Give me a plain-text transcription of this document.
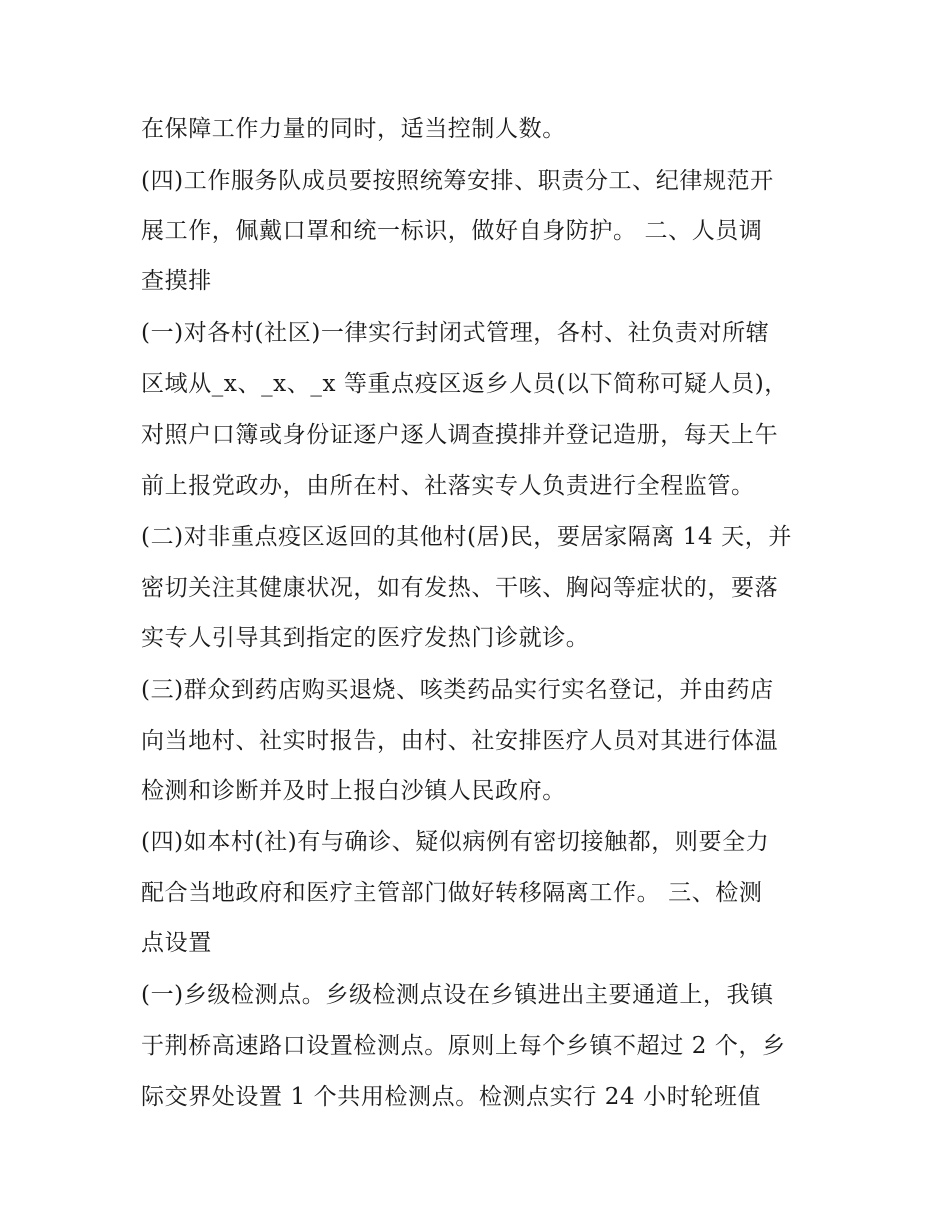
在保障工作力量的同时，适当控制人数。
(四)工作服务队成员要按照统筹安排、职责分工、纪律规范开
展工作，佩戴口罩和统一标识，做好自身防护。 二、人员调
查摸排
(一)对各村(社区)一律实行封闭式管理，各村、社负责对所辖
区域从_x、_x、_x 等重点疫区返乡人员(以下简称可疑人员)，
对照户口簿或身份证逐户逐人调查摸排并登记造册，每天上午
前上报党政办，由所在村、社落实专人负责进行全程监管。
(二)对非重点疫区返回的其他村(居)民，要居家隔离 14 天，并
密切关注其健康状况，如有发热、干咳、胸闷等症状的，要落
实专人引导其到指定的医疗发热门诊就诊。
(三)群众到药店购买退烧、咳类药品实行实名登记，并由药店
向当地村、社实时报告，由村、社安排医疗人员对其进行体温
检测和诊断并及时上报白沙镇人民政府。
(四)如本村(社)有与确诊、疑似病例有密切接触都，则要全力
配合当地政府和医疗主管部门做好转移隔离工作。 三、检测
点设置
(一)乡级检测点。乡级检测点设在乡镇进出主要通道上，我镇
于荆桥高速路口设置检测点。原则上每个乡镇不超过 2 个，乡
际交界处设置 1 个共用检测点。检测点实行 24 小时轮班值
